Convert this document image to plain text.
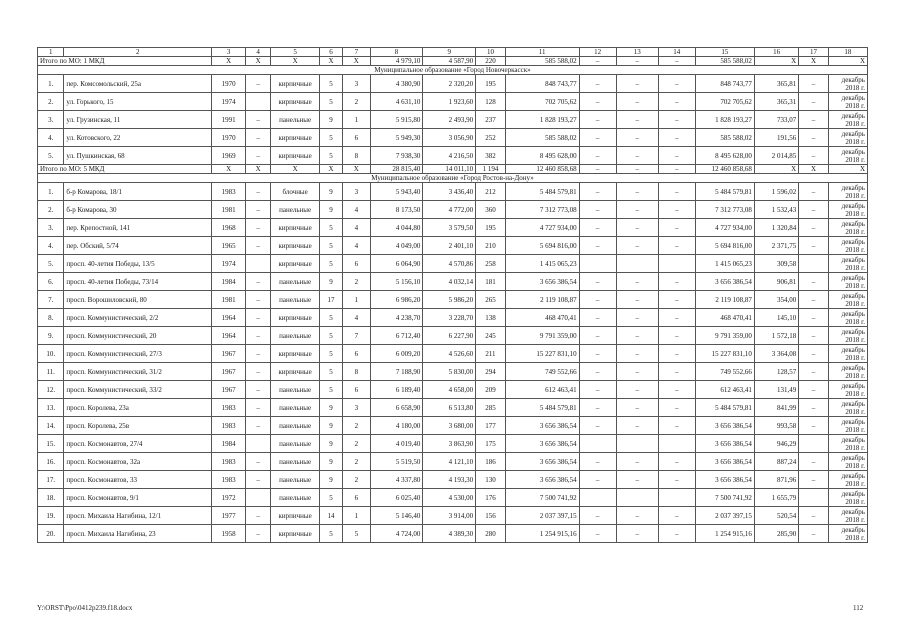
1	2	3	4	5	6	7	8	9	10	11	12	13	14	15	16	17	18
Итого по МО: 1 МКД		Х	Х	Х	Х	Х	4 979,10	4 587,90	220	585 588,02	–	–	–	585 588,02	Х	Х	Х
Муниципальное образование «Город Новочеркасск»																	
1.	пер. Комсомольский, 25а	1970	–	кирпичные	5	3	4 380,90	2 320,20	195	848 743,77	–	–	–	848 743,77	365,81	–	декабрь
2018 г.

2.	ул. Горького, 15	1974		кирпичные	5	2	4 631,10	1 923,60	128	702 705,62	–	–	–	702 705,62	365,31	–	декабрь
2018 г.

3.	ул. Грузинская, 11	1991	–	панельные	9	1	5 915,80	2 493,90	237	1 828 193,27	–	–	–	1 828 193,27	733,07	–	декабрь
2018 г.

4.	ул. Котовского, 22	1970	–	кирпичные	5	6	5 949,30	3 056,90	252	585 588,02	–	–	–	585 588,02	191,56	–	декабрь
2018 г.

5.	ул. Пушкинская, 68	1969	–	кирпичные	5	8	7 938,30	4 216,50	382	8 495 628,00	–	–	–	8 495 628,00	2 014,85	–	декабрь
2018 г.

Итого по МО: 5 МКД		Х	Х	Х	Х	Х	28 815,40	14 011,10	1 194	12 460 858,68	–	–	–	12 460 858,68	Х	Х	Х
Муниципальное образование «Город Ростов-на-Дону»																	
1.	б-р Комарова, 18/1	1983	–	блочные	9	3	5 943,40	3 436,40	212	5 484 579,81	–	–	–	5 484 579,81	1 596,02	–	декабрь
2018 г.

2.	б-р Комарова, 30	1981	–	панельные	9	4	8 173,50	4 772,00	360	7 312 773,08	–	–	–	7 312 773,08	1 532,43	–	декабрь
2018 г.

3.	пер. Крепостной, 141	1968	–	кирпичные	5	4	4 044,80	3 579,50	195	4 727 934,00	–	–	–	4 727 934,00	1 320,84	–	декабрь
2018 г.

4.	пер. Обский, 5/74	1965	–	кирпичные	5	4	4 049,00	2 401,10	210	5 694 816,00	–	–	–	5 694 816,00	2 371,75	–	декабрь
2018 г.

5.	просп. 40-летия Победы, 13/5	1974		кирпичные	5	6	6 064,90	4 570,86	258	1 415 065,23				1 415 065,23	309,58		декабрь
2018 г.

6.	просп. 40-летия Победы, 73/14	1984	–	панельные	9	2	5 156,10	4 032,14	181	3 656 386,54	–	–	–	3 656 386,54	906,81	–	декабрь
2018 г.

7.	просп. Ворошиловский, 80	1981	–	панельные	17	1	6 986,20	5 986,20	265	2 119 108,87	–	–	–	2 119 108,87	354,00	–	декабрь
2018 г.

8.	просп. Коммунистический, 2/2	1964	–	кирпичные	5	4	4 238,70	3 228,70	138	468 470,41	–	–	–	468 470,41	145,10	–	декабрь
2018 г.

9.	просп. Коммунистический, 20	1964	–	панельные	5	7	6 712,40	6 227,90	245	9 791 359,00	–	–	–	9 791 359,00	1 572,18	–	декабрь
2018 г.

10.	просп. Коммунистический, 27/3	1967	–	кирпичные	5	6	6 009,20	4 526,60	211	15 227 831,10	–	–	–	15 227 831,10	3 364,08	–	декабрь
2018 г.

11.	просп. Коммунистический, 31/2	1967	–	кирпичные	5	8	7 188,90	5 830,00	294	749 552,66	–	–	–	749 552,66	128,57	–	декабрь
2018 г.

12.	просп. Коммунистический, 33/2	1967	–	панельные	5	6	6 189,40	4 658,00	209	612 463,41	–	–	–	612 463,41	131,49	–	декабрь
2018 г.

13.	просп. Королева, 23а	1983	–	панельные	9	3	6 658,90	6 513,80	285	5 484 579,81	–	–	–	5 484 579,81	841,99	–	декабрь
2018 г.

14.	просп. Королева, 25в	1983	–	панельные	9	2	4 180,00	3 680,00	177	3 656 386,54	–	–	–	3 656 386,54	993,58	–	декабрь
2018 г.

15.	просп. Космонавтов, 27/4	1984		панельные	9	2	4 019,40	3 863,90	175	3 656 386,54				3 656 386,54	946,29		декабрь
2018 г.

16.	просп. Космонавтов, 32а	1983	–	панельные	9	2	5 519,50	4 121,10	186	3 656 386,54	–	–	–	3 656 386,54	887,24	–	декабрь
2018 г.

17.	просп. Космонавтов, 33	1983	–	панельные	9	2	4 337,80	4 193,30	130	3 656 386,54	–	–	–	3 656 386,54	871,96	–	декабрь
2018 г.

18.	просп. Космонавтов, 9/1	1972		панельные	5	6	6 025,40	4 530,00	176	7 500 741,92				7 500 741,92	1 655,79		декабрь
2018 г.

19.	просп. Михаила Нагибина, 12/1	1977	–	кирпичные	14	1	5 146,40	3 914,00	156	2 037 397,15	–	–	–	2 037 397,15	520,54	–	декабрь
2018 г.

20.	просп. Михаила Нагибина, 23	1958	–	кирпичные	5	5	4 724,00	4 389,30	280	1 254 915,16	–	–	–	1 254 915,16	285,90	–	декабрь
2018 г.
Y:\ORST\Ppo\0412p239.f18.docx	112
